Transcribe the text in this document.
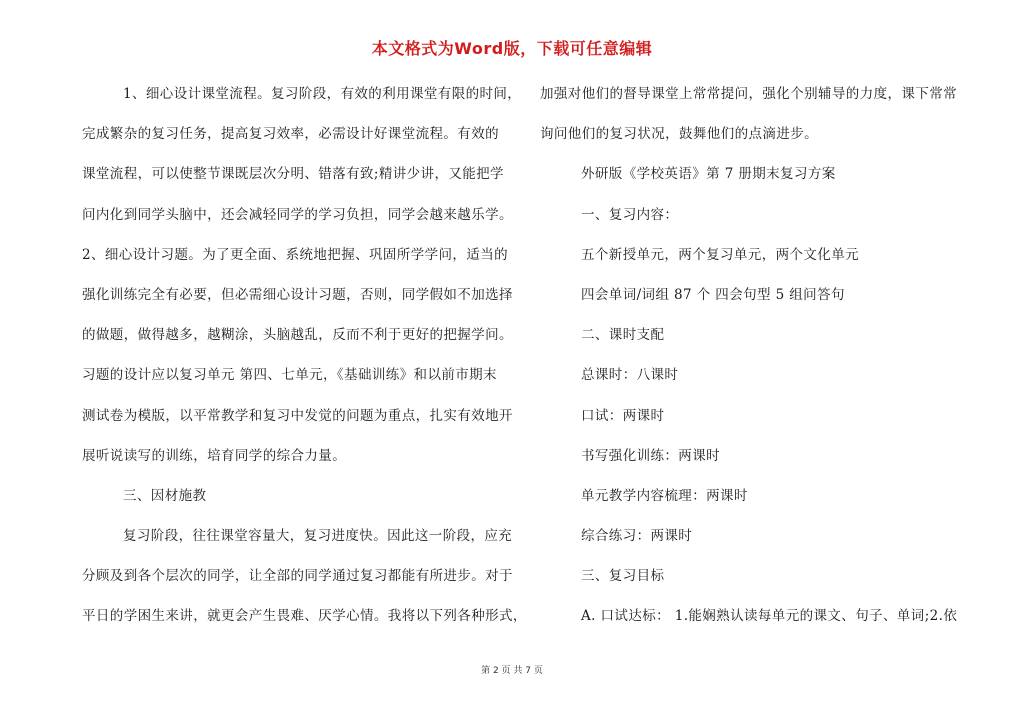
本文格式为Word版，下载可任意编辑
1、细心设计课堂流程。复习阶段，有效的利用课堂有限的时间，
完成繁杂的复习任务，提高复习效率，必需设计好课堂流程。有效的
课堂流程，可以使整节课既层次分明、错落有致;精讲少讲，又能把学
问内化到同学头脑中，还会减轻同学的学习负担，同学会越来越乐学。
2、细心设计习题。为了更全面、系统地把握、巩固所学学问，适当的
强化训练完全有必要，但必需细心设计习题，否则，同学假如不加选择
的做题，做得越多，越糊涂，头脑越乱，反而不利于更好的把握学问。
习题的设计应以复习单元 第四、七单元，《基础训练》和以前市期末
测试卷为模版，以平常教学和复习中发觉的问题为重点，扎实有效地开
展听说读写的训练，培育同学的综合力量。
三、因材施教
复习阶段，往往课堂容量大，复习进度快。因此这一阶段，应充
分顾及到各个层次的同学，让全部的同学通过复习都能有所进步。对于
平日的学困生来讲，就更会产生畏难、厌学心情。我将以下列各种形式，
加强对他们的督导课堂上常常提问，强化个别辅导的力度，课下常常
询问他们的复习状况，鼓舞他们的点滴进步。
外研版《学校英语》第 7 册期末复习方案
一、复习内容：
五个新授单元，两个复习单元，两个文化单元
四会单词/词组 87 个 四会句型 5 组问答句
二、课时支配
总课时：八课时
口试：两课时
书写强化训练：两课时
单元教学内容梳理：两课时
综合练习：两课时
三、复习目标
A. 口试达标： 1.能娴熟认读每单元的课文、句子、单词;2.依
第 2 页 共 7 页
